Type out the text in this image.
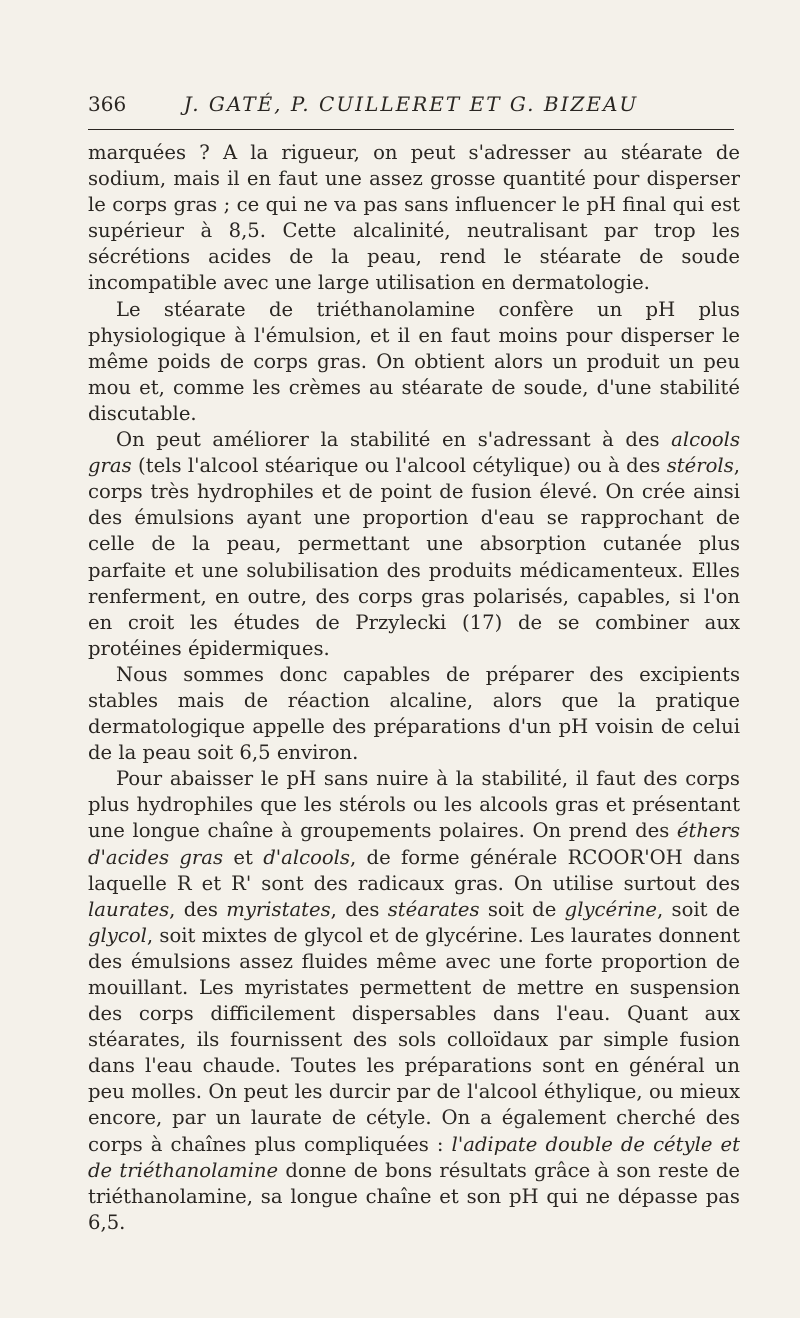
366	J. GATÉ, P. CUILLERET ET G. BIZEAU

marquées ? A la rigueur, on peut s'adresser au stéarate de sodium, mais il en faut une assez grosse quantité pour disperser le corps gras ; ce qui ne va pas sans influencer le pH final qui est supérieur à 8,5. Cette alcalinité, neutralisant par trop les sécrétions acides de la peau, rend le stéarate de soude incompatible avec une large utilisation en dermatologie.

Le stéarate de triéthanolamine confère un pH plus physiologique à l'émulsion, et il en faut moins pour disperser le même poids de corps gras. On obtient alors un produit un peu mou et, comme les crèmes au stéarate de soude, d'une stabilité discutable.

On peut améliorer la stabilité en s'adressant à des alcools gras (tels l'alcool stéarique ou l'alcool cétylique) ou à des stérols, corps très hydrophiles et de point de fusion élevé. On crée ainsi des émulsions ayant une proportion d'eau se rapprochant de celle de la peau, permettant une absorption cutanée plus parfaite et une solubilisation des produits médicamenteux. Elles renferment, en outre, des corps gras polarisés, capables, si l'on en croit les études de Przylecki (17) de se combiner aux protéines épidermiques.

Nous sommes donc capables de préparer des excipients stables mais de réaction alcaline, alors que la pratique dermatologique appelle des préparations d'un pH voisin de celui de la peau soit 6,5 environ.

Pour abaisser le pH sans nuire à la stabilité, il faut des corps plus hydrophiles que les stérols ou les alcools gras et présentant une longue chaîne à groupements polaires. On prend des éthers d'acides gras et d'alcools, de forme générale RCOOR'OH dans laquelle R et R' sont des radicaux gras. On utilise surtout des laurates, des myristates, des stéarates soit de glycérine, soit de glycol, soit mixtes de glycol et de glycérine. Les laurates donnent des émulsions assez fluides même avec une forte proportion de mouillant. Les myristates permettent de mettre en suspension des corps difficilement dispersables dans l'eau. Quant aux stéarates, ils fournissent des sols colloïdaux par simple fusion dans l'eau chaude. Toutes les préparations sont en général un peu molles. On peut les durcir par de l'alcool éthylique, ou mieux encore, par un laurate de cétyle. On a également cherché des corps à chaînes plus compliquées : l'adipate double de cétyle et de triéthanolamine donne de bons résultats grâce à son reste de triéthanolamine, sa longue chaîne et son pH qui ne dépasse pas 6,5.
